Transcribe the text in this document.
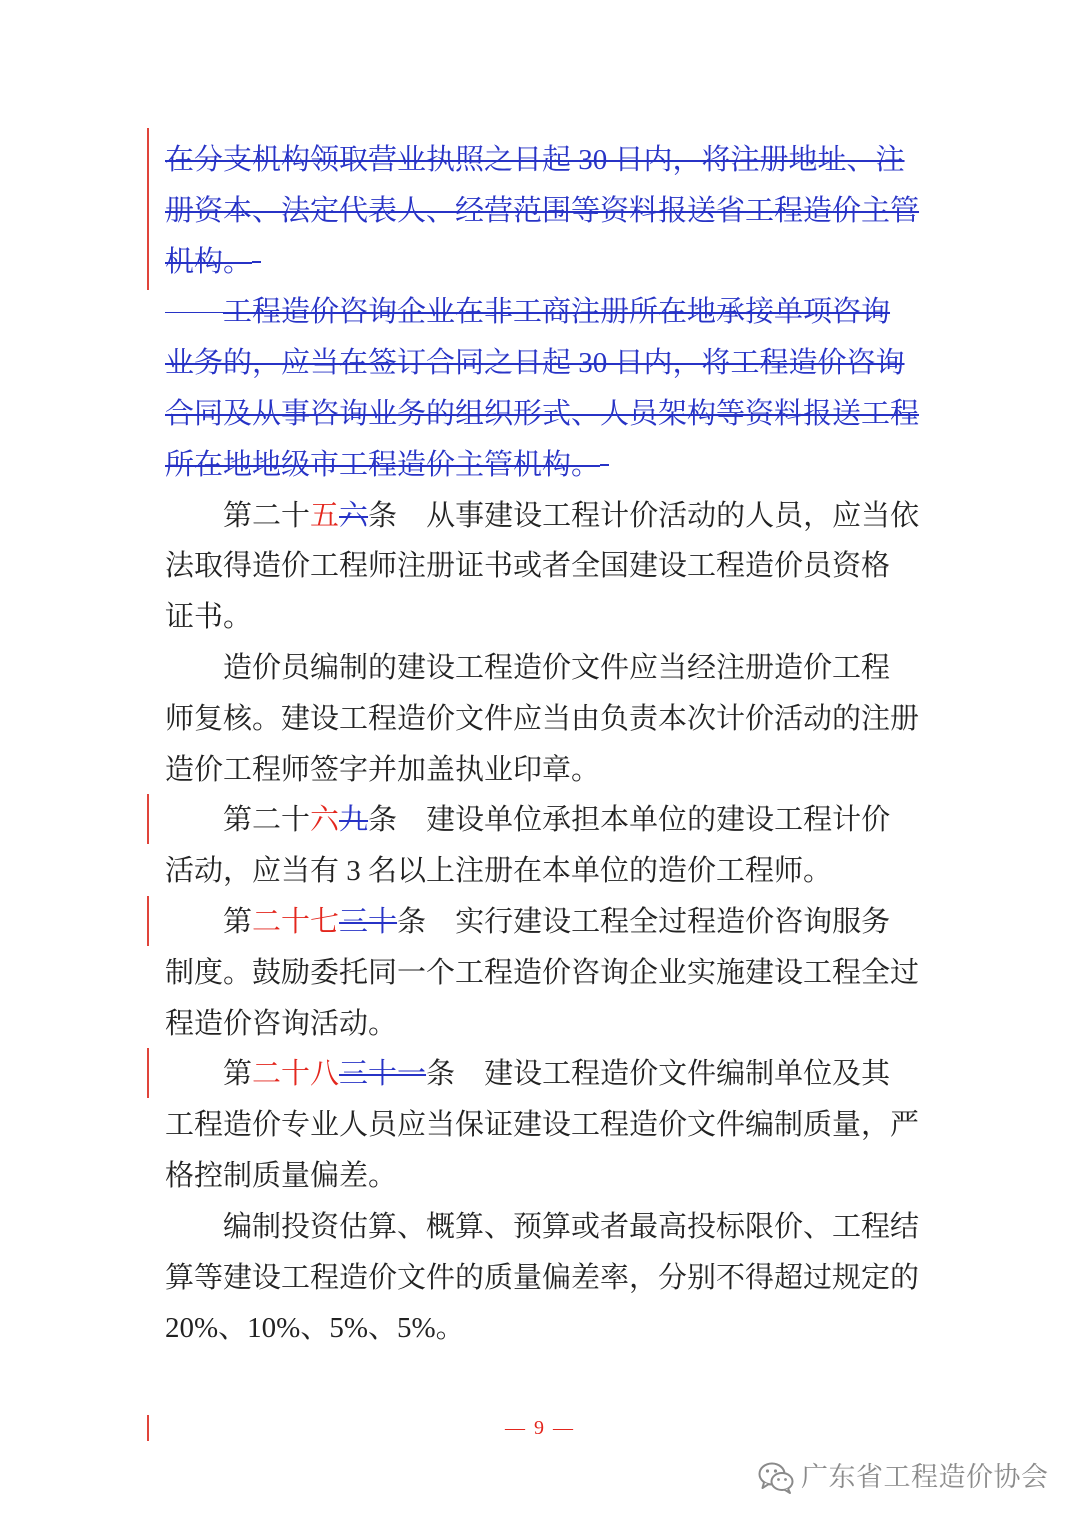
在分支机构领取营业执照之日起 30 日内，将注册地址、注
册资本、法定代表人、经营范围等资料报送省工程造价主管
机构。
工程造价咨询企业在非工商注册所在地承接单项咨询
业务的，应当在签订合同之日起 30 日内，将工程造价咨询
合同及从事咨询业务的组织形式、人员架构等资料报送工程
所在地地级市工程造价主管机构。
第二十五六条 从事建设工程计价活动的人员，应当依
法取得造价工程师注册证书或者全国建设工程造价员资格
证书。
造价员编制的建设工程造价文件应当经注册造价工程
师复核。建设工程造价文件应当由负责本次计价活动的注册
造价工程师签字并加盖执业印章。
第二十六九条 建设单位承担本单位的建设工程计价
活动，应当有 3 名以上注册在本单位的造价工程师。
第二十七三十条 实行建设工程全过程造价咨询服务
制度。鼓励委托同一个工程造价咨询企业实施建设工程全过
程造价咨询活动。
第二十八三十一条 建设工程造价文件编制单位及其
工程造价专业人员应当保证建设工程造价文件编制质量，严
格控制质量偏差。
编制投资估算、概算、预算或者最高投标限价、工程结
算等建设工程造价文件的质量偏差率，分别不得超过规定的
20%、10%、5%、5%。
— 9 —
广东省工程造价协会
